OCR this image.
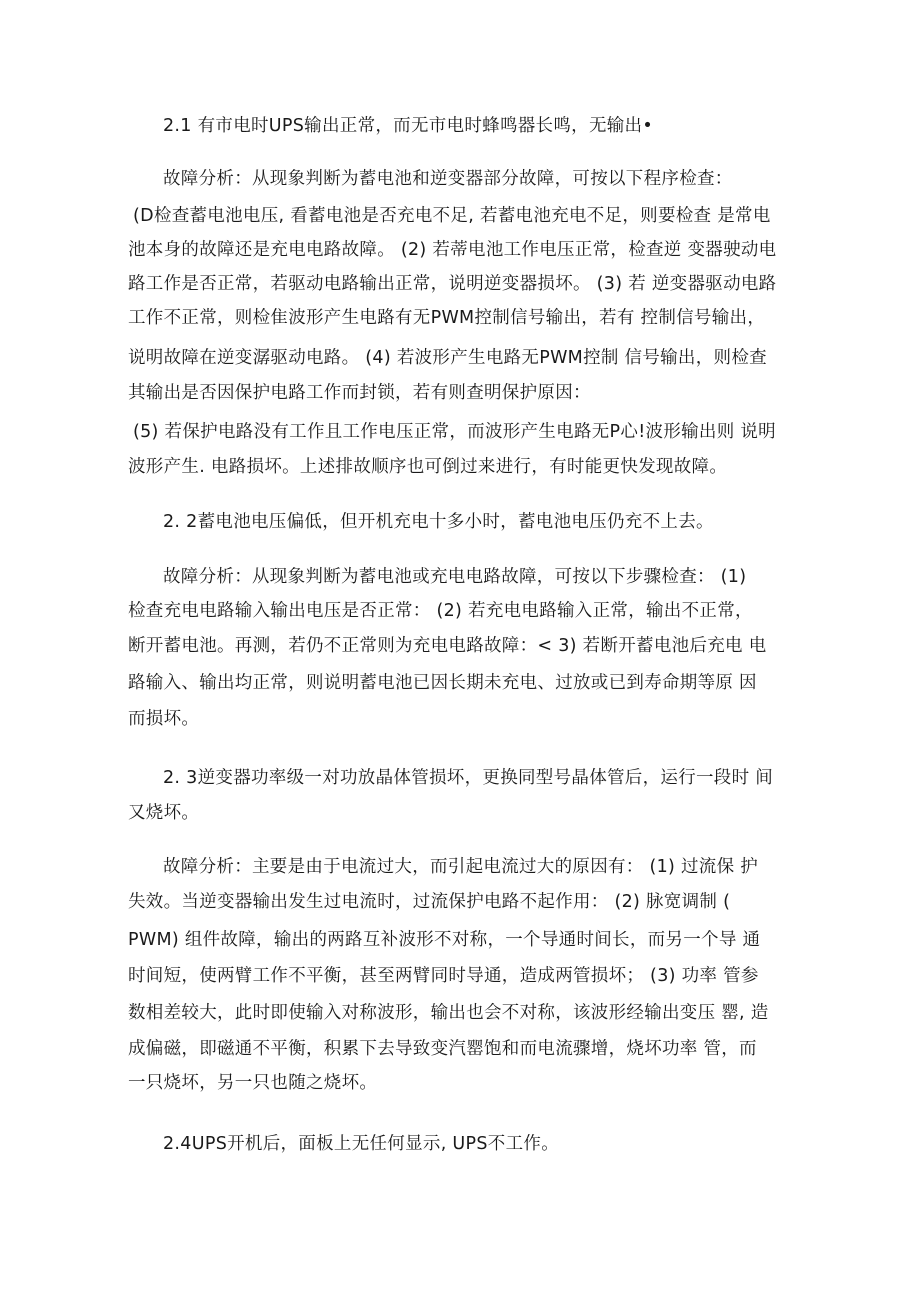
2.1 有市电时UPS输出正常，而无市电时蜂鸣器长鸣，无输出•
故障分析：从现象判断为蓄电池和逆变器部分故障，可按以下程序检查：
(D检查蓄电池电压, 看蓄电池是否充电不足, 若蓄电池充电不足，则要检查 是常电
池本身的故障还是充电电路故障。 (2) 若蒂电池工作电压正常，检查逆 变器驶动电
路工作是否正常，若驱动电路输出正常，说明逆变器损坏。 (3) 若 逆变器驱动电路
工作不正常，则检隹波形产生电路有无PWM控制信号输出，若有 控制信号输出，
说明故障在逆变潺驱动电路。 (4) 若波形产生电路无PWM控制 信号输出，则检查
其输出是否因保护电路工作而封锁，若有则查明保护原因：
(5) 若保护电路没有工作且工作电压正常，而波形产生电路无P心!波形输出则 说明
波形产生. 电路损坏。上述排故顺序也可倒过来进行，有时能更快发现故障。
2. 2蓄电池电压偏低，但开机充电十多小时，蓄电池电压仍充不上去。
故障分析：从现象判断为蓄电池或充电电路故障，可按以下步骤检查： (1)
检查充电电路输入输出电压是否正常： (2) 若充电电路输入正常，输出不正常，
断开蓄电池。再测，若仍不正常则为充电电路故障：< 3) 若断开蓄电池后充电 电
路输入、输出均正常，则说明蓄电池已因长期未充电、过放或已到寿命期等原 因
而损坏。
2. 3逆变器功率级一对功放晶体管损坏，更换同型号晶体管后，运行一段时 间
又烧坏。
故障分析：主要是由于电流过大，而引起电流过大的原因有： (1) 过流保 护
失效。当逆变器输出发生过电流时，过流保护电路不起作用： (2) 脉宽调制 (
PWM) 组件故障，输出的两路互补波形不对称，一个导通时间长，而另一个导 通
时间短，使两臂工作不平衡，甚至两臂同时导通，造成两管损坏； (3) 功率 管参
数相差较大，此时即使输入对称波形，输出也会不对称，该波形经输出变压 罂, 造
成偏磁，即磁通不平衡，积累下去导致变汽罂饱和而电流骤增，烧坏功率 管，而
一只烧坏，另一只也随之烧坏。
2.4UPS开机后，面板上无任何显示, UPS不工作。
